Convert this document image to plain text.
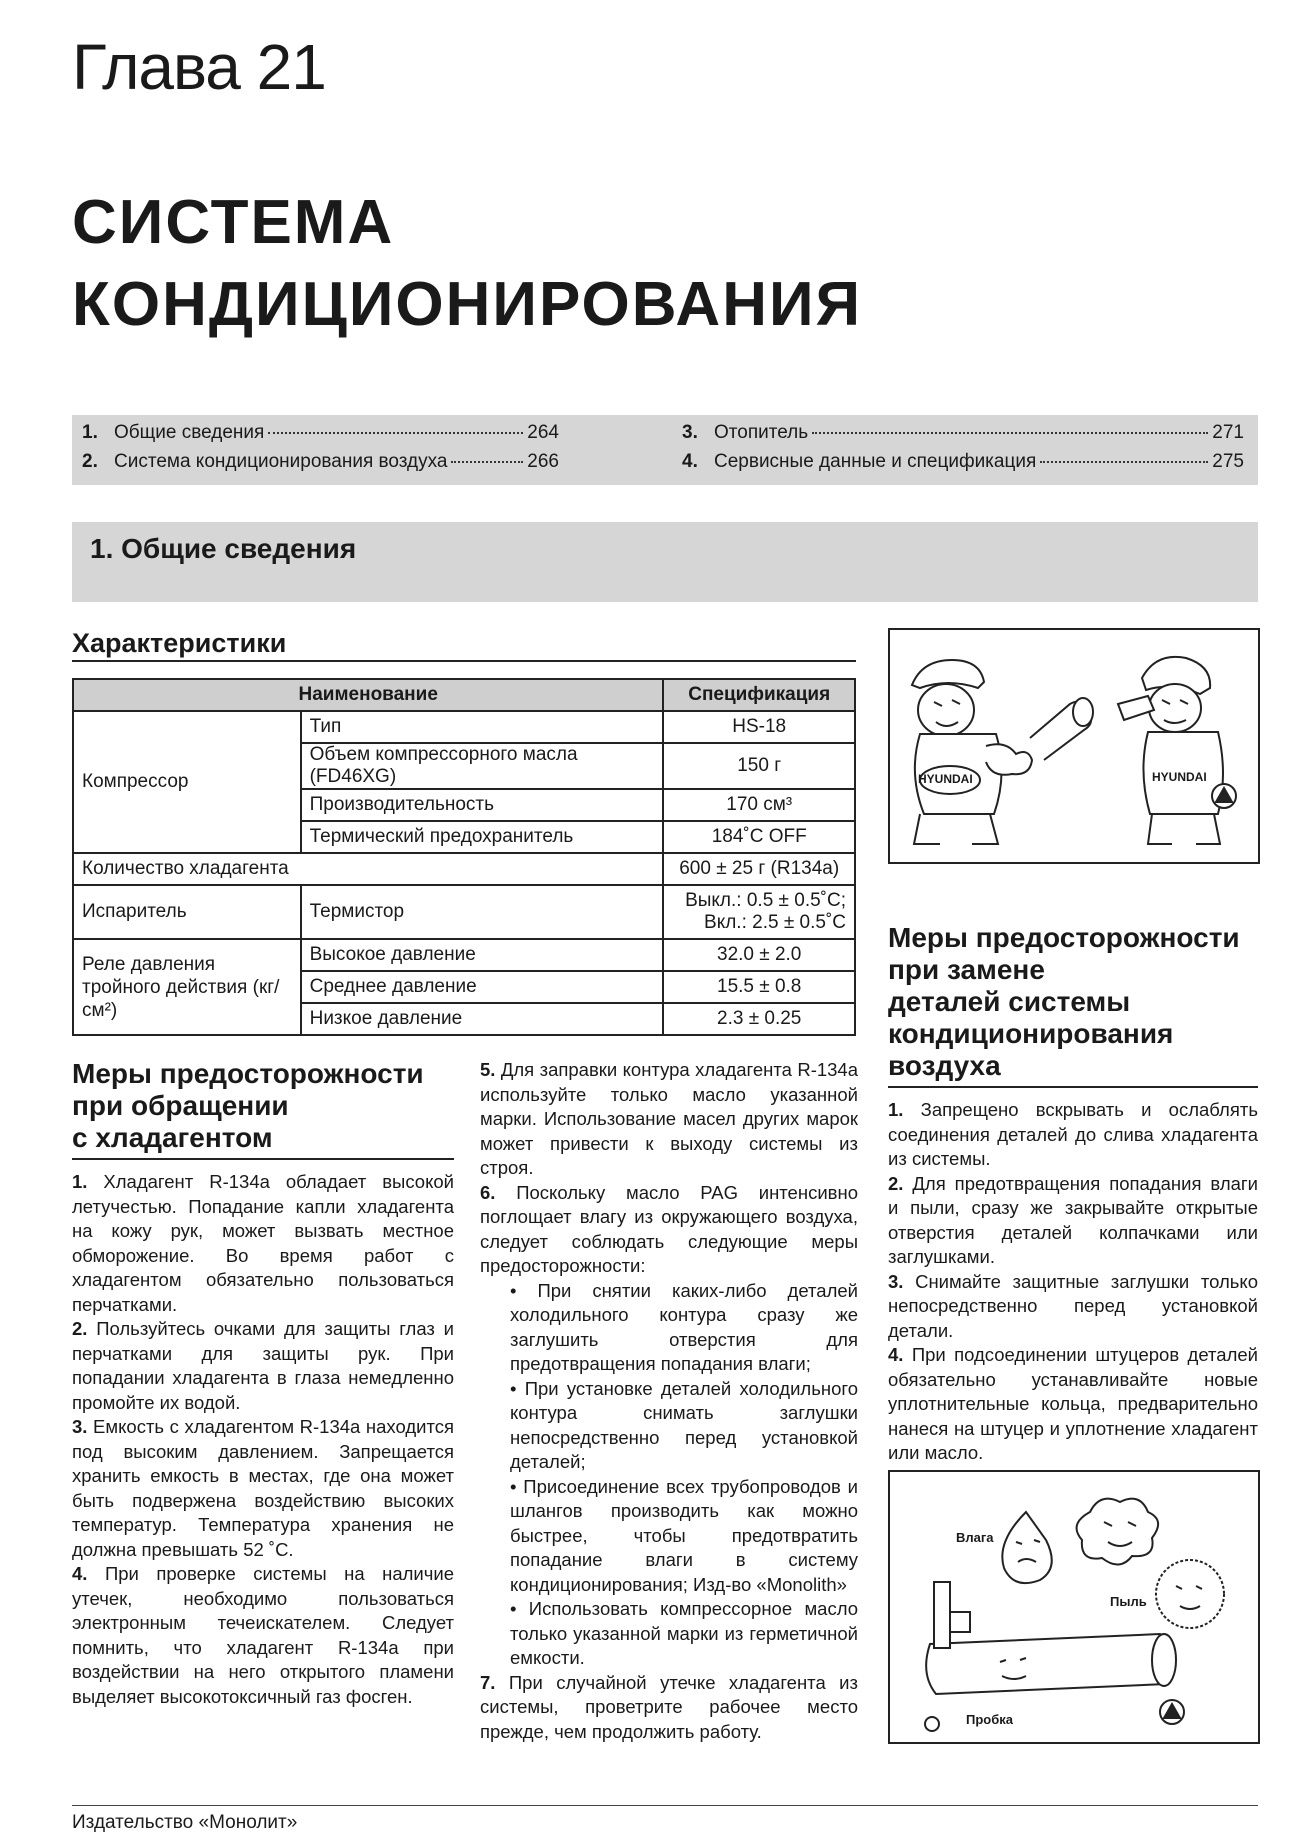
Глава 21
СИСТЕМА
КОНДИЦИОНИРОВАНИЯ
1. Общие сведения	264
2. Система кондиционирования воздуха	266
3. Отопитель	271
4. Сервисные данные и спецификация	275
1. Общие сведения
Характеристики
Наименование		Спецификация
Компрессор	Тип	HS-18
	Объем компрессорного масла (FD46XG)	150 г
	Производительность	170 см³
	Термический предохранитель	184˚C OFF
Количество хладагента		600 ± 25 г (R134a)
Испаритель	Термистор	Выкл.: 0.5 ± 0.5˚C;
Вкл.: 2.5 ± 0.5˚C

Реле давления тройного действия (кг/см²)	Высокое давление	32.0 ± 2.0
	Среднее давление	15.5 ± 0.8
	Низкое давление	2.3 ± 0.25
HYUNDAI	HYUNDAI
Меры предосторожности
при обращении
с хладагентом

1. Хладагент R-134a обладает высокой летучестью. Попадание капли хладагента на кожу рук, может вызвать местное обморожение. Во время работ с хладагентом обязательно пользоваться перчатками.

2. Пользуйтесь очками для защиты глаз и перчатками для защиты рук. При попадании хладагента в глаза немедленно промойте их водой.

3. Емкость с хладагентом R-134a находится под высоким давлением. Запрещается хранить емкость в местах, где она может быть подвержена воздействию высоких температур. Температура хранения не должна превышать 52 ˚C.

4. При проверке системы на наличие утечек, необходимо пользоваться электронным течеискателем. Следует помнить, что хладагент R-134a при воздействии на него открытого пламени выделяет высокотоксичный газ фосген.

5. Для заправки контура хладагента R-134a используйте только масло указанной марки. Использование масел других марок может привести к выходу системы из строя.

6. Поскольку масло PAG интенсивно поглощает влагу из окружающего воздуха, следует соблюдать следующие меры предосторожности:

• При снятии каких-либо деталей холодильного контура сразу же заглушить отверстия для предотвращения попадания влаги;

• При установке деталей холодильного контура снимать заглушки непосредственно перед установкой деталей;

• Присоединение всех трубопроводов и шлангов производить как можно быстрее, чтобы предотвратить попадание влаги в систему кондиционирования; Изд-во «Monolith»

• Использовать компрессорное масло только указанной марки из герметичной емкости.

7. При случайной утечке хладагента из системы, проветрите рабочее место прежде, чем продолжить работу.

Меры предосторожности
при замене
деталей системы
кондиционирования
воздуха

1. Запрещено вскрывать и ослаблять соединения деталей до слива хладагента из системы.

2. Для предотвращения попадания влаги и пыли, сразу же закрывайте открытые отверстия деталей колпачками или заглушками.

3. Снимайте защитные заглушки только непосредственно перед установкой детали.

4. При подсоединении штуцеров деталей обязательно устанавливайте новые уплотнительные кольца, предварительно нанеся на штуцер и уплотнение хладагент или масло.

Влага
Пыль
Пробка
Издательство «Монолит»
